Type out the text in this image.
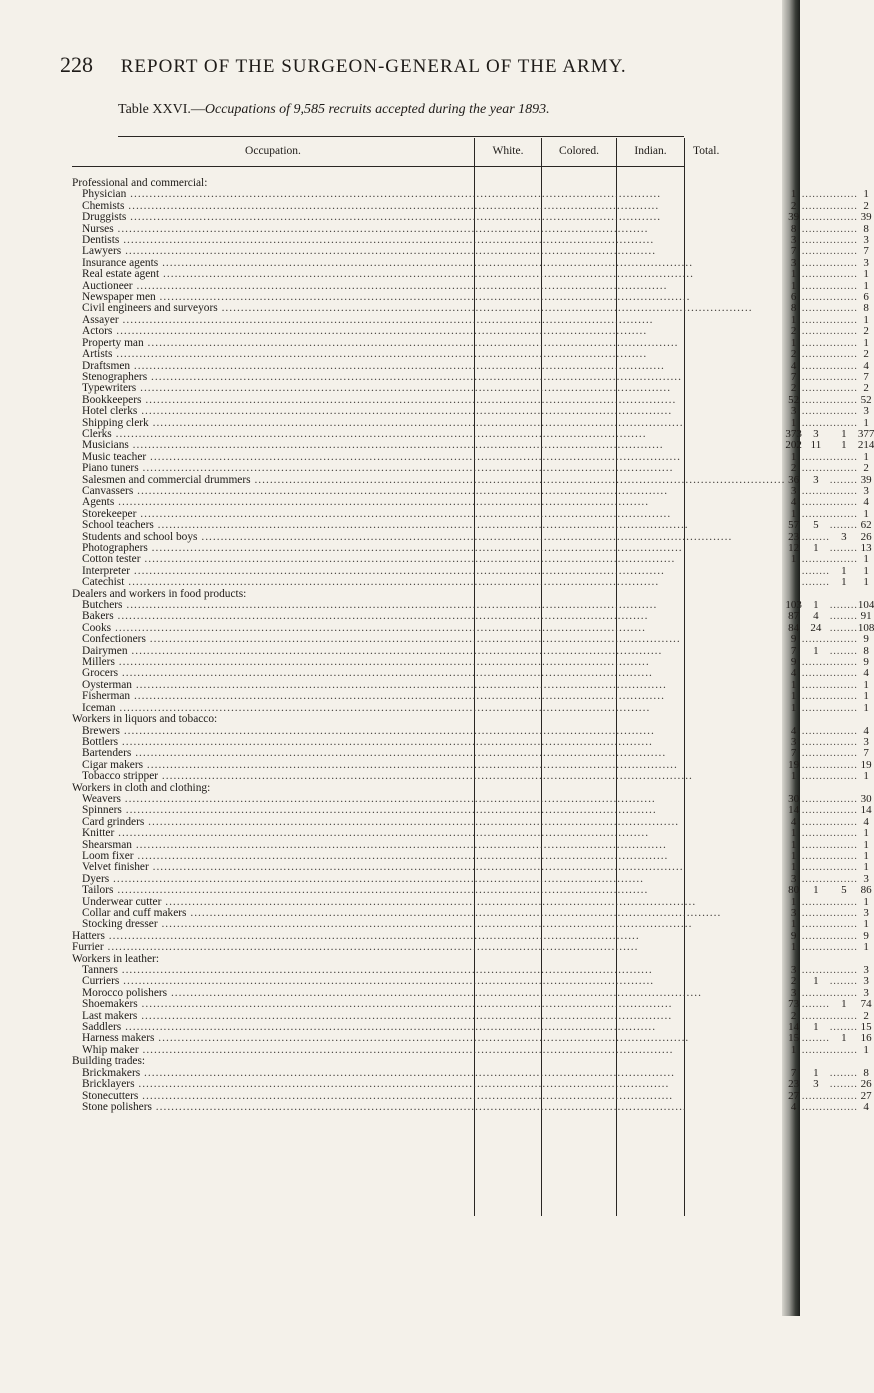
228 REPORT OF THE SURGEON-GENERAL OF THE ARMY.
Table XXVI.—Occupations of 9,585 recruits accepted during the year 1893.
Occupation.	White.	Colored.	Indian.	Total.
Professional and commercial:				
Physician .....	1	........	........	1
Chemists .....	2	........	........	2
Druggists .....	39	........	........	39
Nurses .....	8	........	........	8
Dentists .....	3	........	........	3
Lawyers .....	7	........	........	7
Insurance agents .....	3	........	........	3
Real estate agent .....	1	........	........	1
Auctioneer .....	1	........	........	1
Newspaper men .....	6	........	........	6
Civil engineers and surveyors .....	8	........	........	8
Assayer .....	1	........	........	1
Actors .....	2	........	........	2
Property man .....	1	........	........	1
Artists .....	2	........	........	2
Draftsmen .....	4	........	........	4
Stenographers .....	7	........	........	7
Typewriters .....	2	........	........	2
Bookkeepers .....	52	........	........	52
Hotel clerks .....	3	........	........	3
Shipping clerk .....	1	........	........	1
Clerks .....	373	3	1	377
Musicians .....	202	11	1	214
Music teacher .....	1	........	........	1
Piano tuners .....	2	........	........	2
Salesmen and commercial drummers .....	36	3	........	39
Canvassers .....	3	........	........	3
Agents .....	4	........	........	4
Storekeeper .....	1	........	........	1
School teachers .....	57	5	........	62
Students and school boys .....	23	........	3	26
Photographers .....	12	1	........	13
Cotton tester .....	1	........	........	1
Interpreter .....		........	1	1
Catechist .....		........	1	1
Dealers and workers in food products:				
Butchers .....	103	1	........	104
Bakers .....	87	4	........	91
Cooks .....	84	24	........	108
Confectioners .....	9	........	........	9
Dairymen .....	7	1	........	8
Millers .....	9	........	........	9
Grocers .....	4	........	........	4
Oysterman .....	1	........	........	1
Fisherman .....	1	........	........	1
Iceman .....	1	........	........	1
Workers in liquors and tobacco:				
Brewers .....	4	........	........	4
Bottlers .....	3	........	........	3
Bartenders .....	7	........	........	7
Cigar makers .....	19	........	........	19
Tobacco stripper .....	1	........	........	1
Workers in cloth and clothing:				
Weavers .....	30	........	........	30
Spinners .....	14	........	........	14
Card grinders .....	4	........	........	4
Knitter .....	1	........	........	1
Shearsman .....	1	........	........	1
Loom fixer .....	1	........	........	1
Velvet finisher .....	1	........	........	1
Dyers .....	3	........	........	3
Tailors .....	80	1	5	86
Underwear cutter .....	1	........	........	1
Collar and cuff makers .....	3	........	........	3
Stocking dresser .....	1	........	........	1
Hatters .....	9	........	........	9
Furrier .....	1	........	........	1
Workers in leather:				
Tanners .....	3	........	........	3
Curriers .....	2	1	........	3
Morocco polishers .....	3	........	........	3
Shoemakers .....	73	........	1	74
Last makers .....	2	........	........	2
Saddlers .....	14	1	........	15
Harness makers .....	15	........	1	16
Whip maker .....	1	........	........	1
Building trades:				
Brickmakers .....	7	1	........	8
Bricklayers .....	23	3	........	26
Stonecutters .....	27	........	........	27
Stone polishers .....	4	........	........	4
